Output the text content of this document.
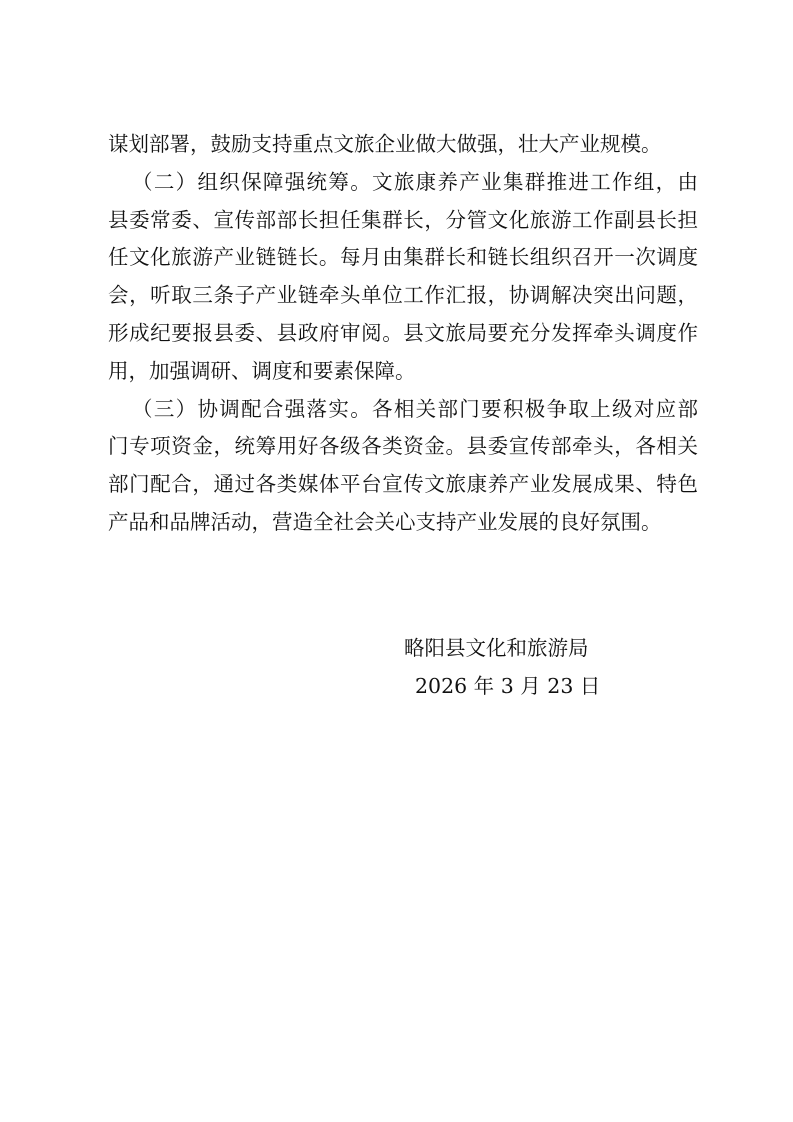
谋划部署，鼓励支持重点文旅企业做大做强，壮大产业规模。
（二）组织保障强统筹。文旅康养产业集群推进工作组，由
县委常委、宣传部部长担任集群长，分管文化旅游工作副县长担
任文化旅游产业链链长。每月由集群长和链长组织召开一次调度
会，听取三条子产业链牵头单位工作汇报，协调解决突出问题，
形成纪要报县委、县政府审阅。县文旅局要充分发挥牵头调度作
用，加强调研、调度和要素保障。
（三）协调配合强落实。各相关部门要积极争取上级对应部
门专项资金，统筹用好各级各类资金。县委宣传部牵头，各相关
部门配合，通过各类媒体平台宣传文旅康养产业发展成果、特色
产品和品牌活动，营造全社会关心支持产业发展的良好氛围。
略阳县文化和旅游局
2026 年 3 月 23 日
